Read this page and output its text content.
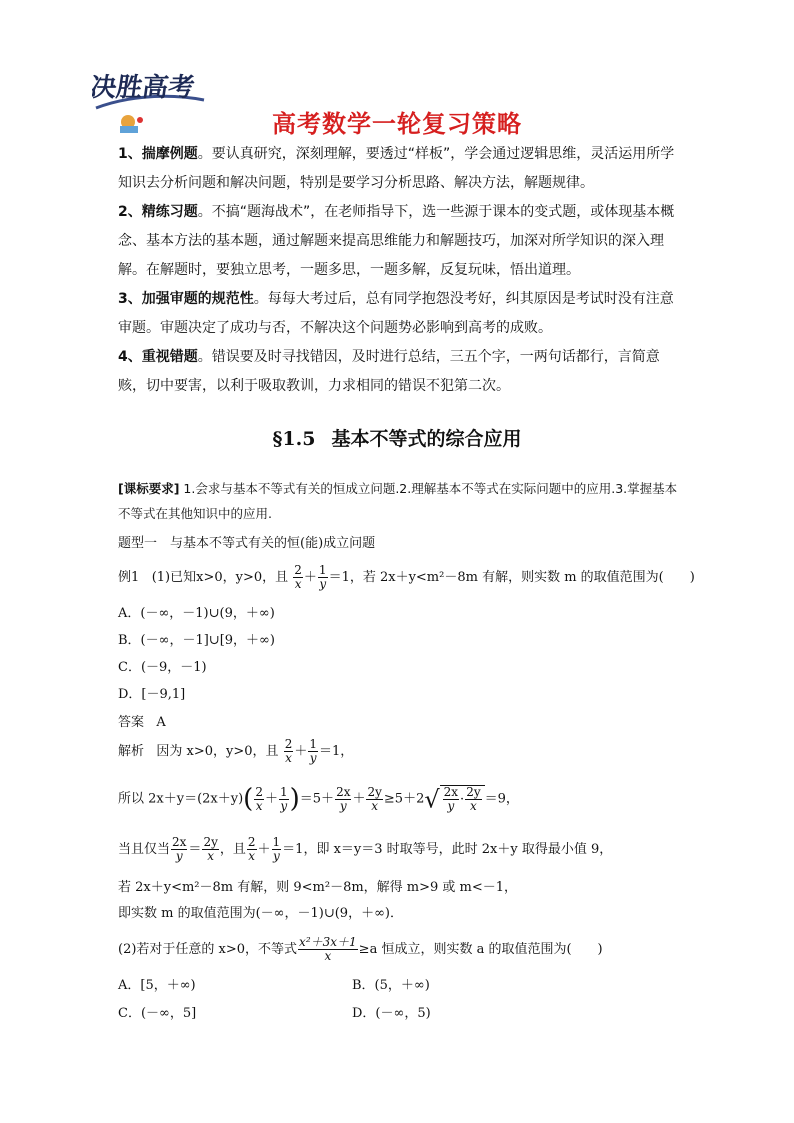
决胜高考
高考数学一轮复习策略

1、揣摩例题。要认真研究，深刻理解，要透过“样板”，学会通过逻辑思维，灵活运用所学知识去分析问题和解决问题，特别是要学习分析思路、解决方法，解题规律。

2、精练习题。不搞“题海战术”，在老师指导下，选一些源于课本的变式题，或体现基本概念、基本方法的基本题，通过解题来提高思维能力和解题技巧，加深对所学知识的深入理解。在解题时，要独立思考，一题多思，一题多解，反复玩味，悟出道理。

3、加强审题的规范性。每每大考过后，总有同学抱怨没考好，纠其原因是考试时没有注意审题。审题决定了成功与否，不解决这个问题势必影响到高考的成败。

4、重视错题。错误要及时寻找错因，及时进行总结，三五个字，一两句话都行，言简意赅，切中要害，以利于吸取教训，力求相同的错误不犯第二次。

§1.5 基本不等式的综合应用
[课标要求] 1.会求与基本不等式有关的恒成立问题.2.理解基本不等式在实际问题中的应用.3.掌握基本不等式在其他知识中的应用.
题型一　与基本不等式有关的恒(能)成立问题
例1 (1)已知x>0，y>0，且 $\frac{2}{x} + \frac{1}{y} =1$，若 2x＋y<m²－8m 有解，则实数 m 的取值范围为(　　)
A．(－∞，－1)∪(9，＋∞)
B．(－∞，－1]∪[9，＋∞)
C．(－9，－1)
D．[－9,1]
答案 A
解析 因为 x>0，y>0，且 $\frac{2}{x} + \frac{1}{y} =1$，
所以 $2x+y=(2x+y)( \frac{2}{x} + \frac{1}{y} )=5+ \frac{2x}{y} + \frac{2y}{x} \ge 5+2√ \frac{2x}{y} \cdot \frac{2y}{x} =9$，
当且仅当 $\frac{2x}{y} = \frac{2y}{x}$ ，且 $\frac{2}{x} + \frac{1}{y} =1$，即 x＝y＝3 时取等号，此时 2x＋y 取得最小值 9，
若 2x＋y<m²－8m 有解，则 9<m²－8m，解得 m>9 或 m<－1，
即实数 m 的取值范围为(－∞，－1)∪(9，＋∞)．
(2)若对于任意的 x>0，不等式 $\frac{\text{x²＋3x＋1}}{x} \ge a$ 恒成立，则实数 a 的取值范围为(　　)
A．[5，＋∞)	B．(5，＋∞)
C．(－∞，5]	D．(－∞，5)
